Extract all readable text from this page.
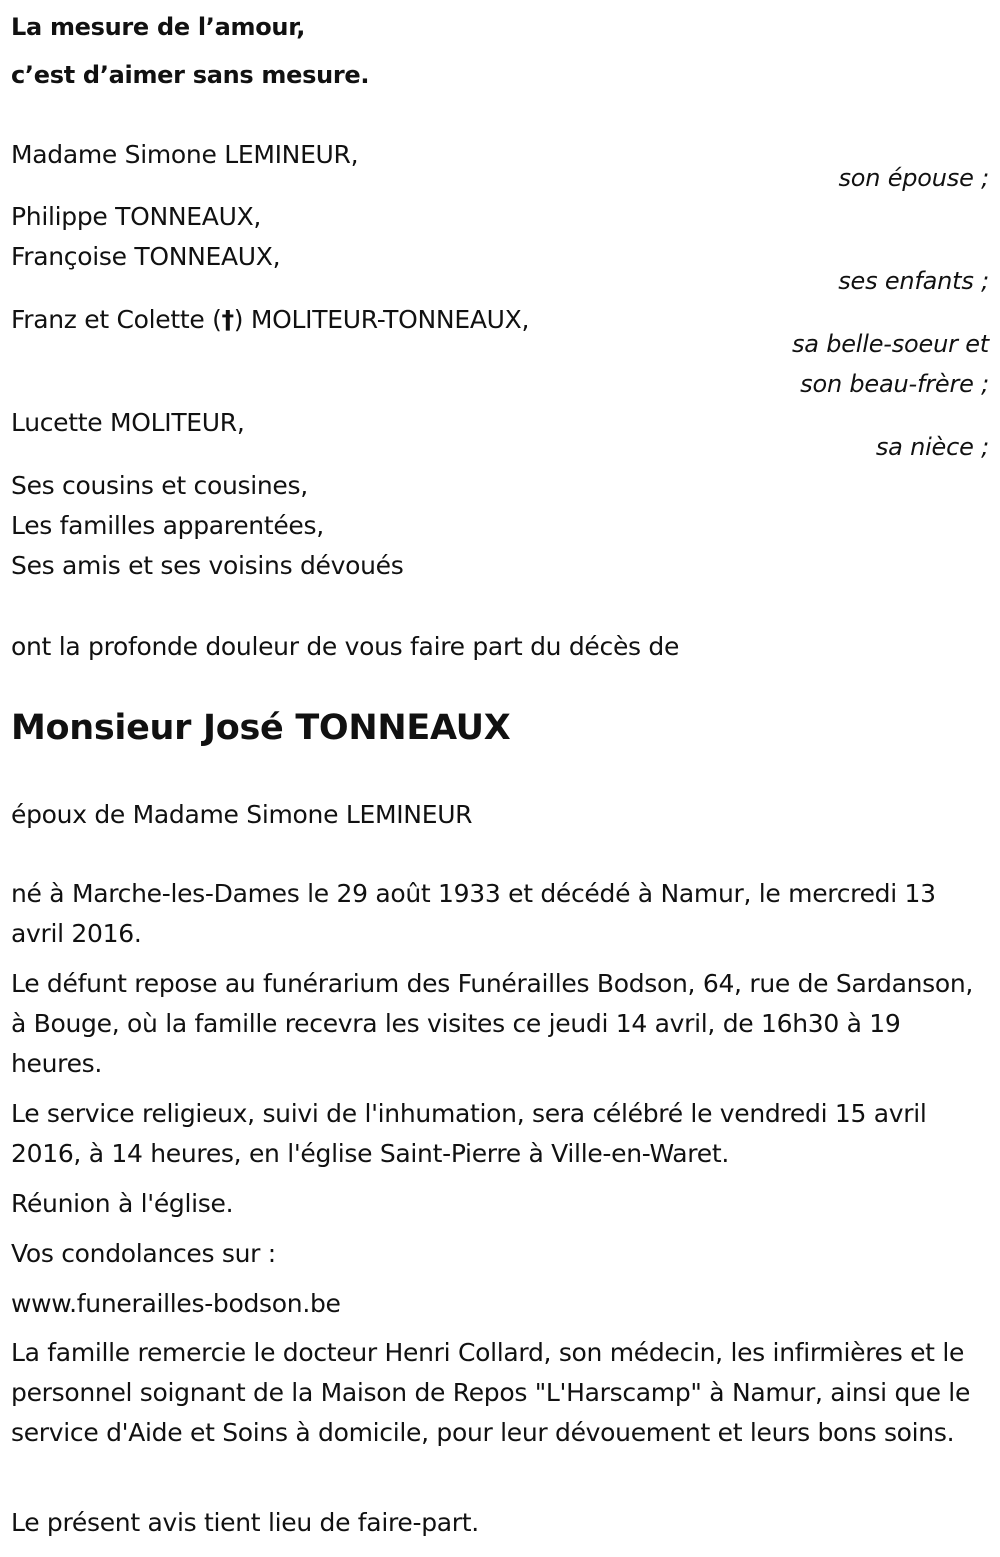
La mesure de l’amour,
c’est d’aimer sans mesure.
Madame Simone LEMINEUR,
son épouse ;
Philippe TONNEAUX,
Françoise TONNEAUX,
ses enfants ;
Franz et Colette (†) MOLITEUR-TONNEAUX,
sa belle-soeur et
son beau-frère ;
Lucette MOLITEUR,
sa nièce ;
Ses cousins et cousines,
Les familles apparentées,
Ses amis et ses voisins dévoués
ont la profonde douleur de vous faire part du décès de
Monsieur José TONNEAUX
époux de Madame Simone LEMINEUR
né à Marche-les-Dames le 29 août 1933 et décédé à Namur, le mercredi 13 avril 2016.
Le défunt repose au funérarium des Funérailles Bodson, 64, rue de Sardanson, à Bouge, où la famille recevra les visites ce jeudi 14 avril, de 16h30 à 19 heures.
Le service religieux, suivi de l'inhumation, sera célébré le vendredi 15 avril 2016, à 14 heures, en l'église Saint-Pierre à Ville-en-Waret.
Réunion à l'église.
Vos condolances sur :
www.funerailles-bodson.be
La famille remercie le docteur Henri Collard, son médecin, les infirmières et le personnel soignant de la Maison de Repos "L'Harscamp" à Namur, ainsi que le service d'Aide et Soins à domicile, pour leur dévouement et leurs bons soins.
Le présent avis tient lieu de faire-part.
